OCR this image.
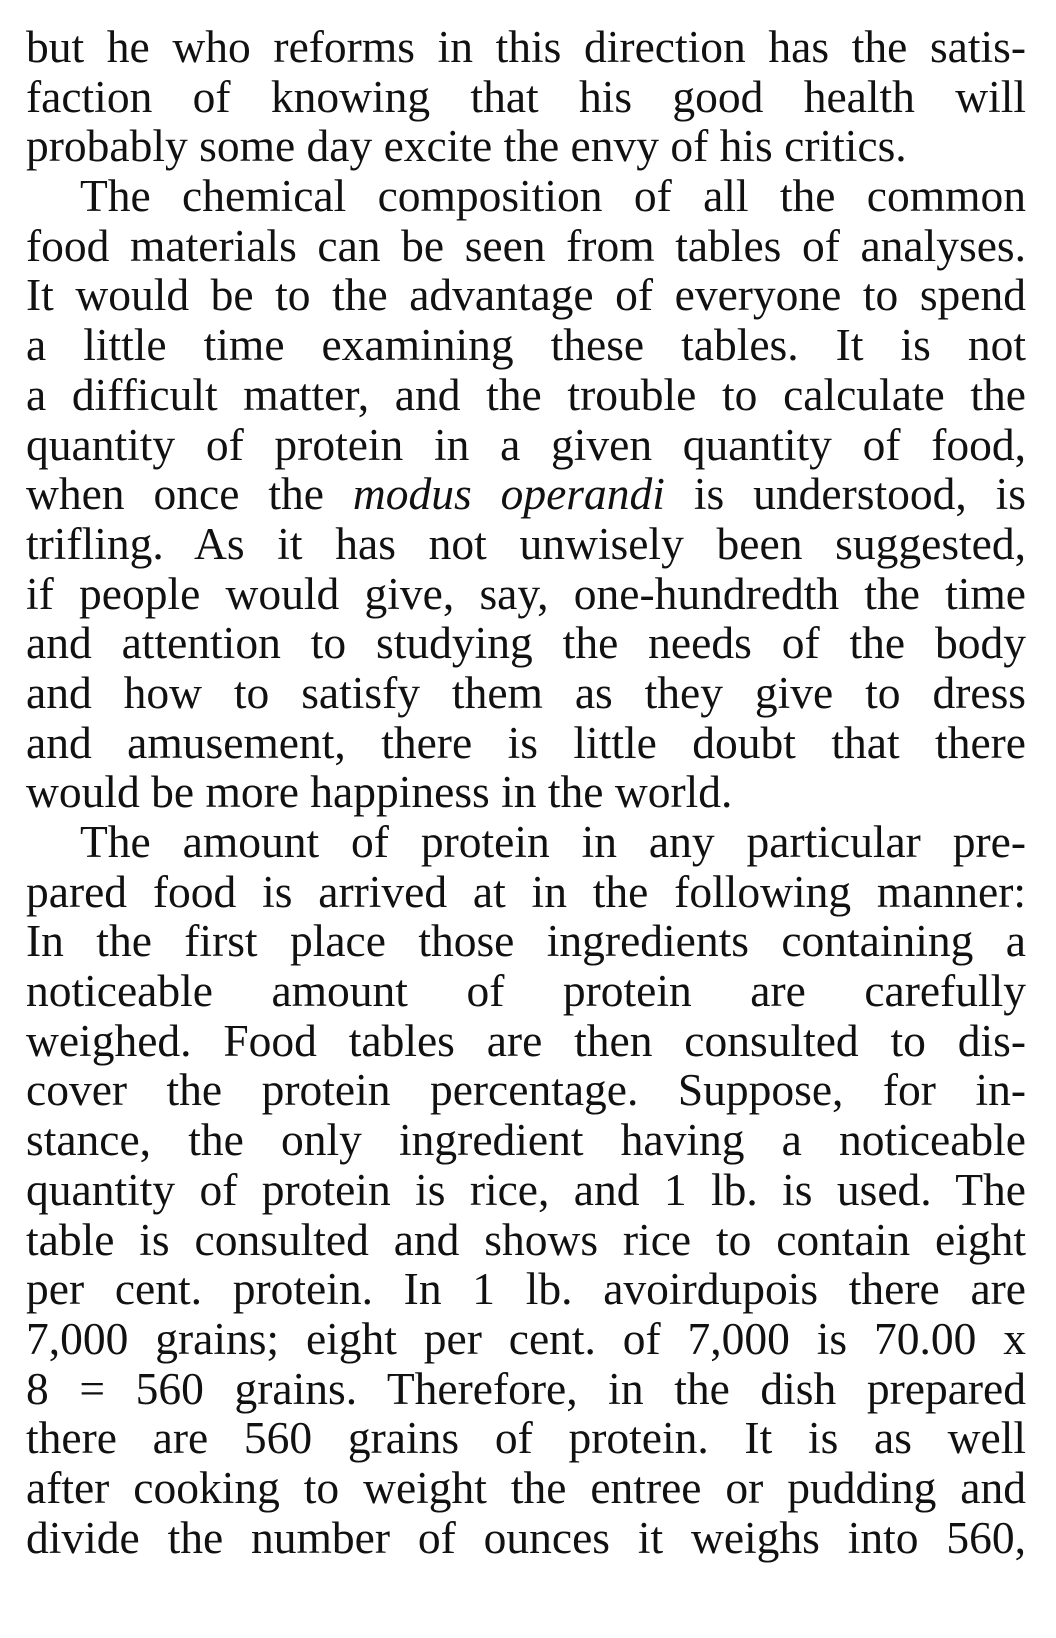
but he who reforms in this direction has the satis-
faction of knowing that his good health will
probably some day excite the envy of his critics.

The chemical composition of all the common
food materials can be seen from tables of analyses.
It would be to the advantage of everyone to spend
a little time examining these tables. It is not
a difficult matter, and the trouble to calculate the
quantity of protein in a given quantity of food,
when once the modus operandi is understood, is
trifling. As it has not unwisely been suggested,
if people would give, say, one-hundredth the time
and attention to studying the needs of the body
and how to satisfy them as they give to dress
and amusement, there is little doubt that there
would be more happiness in the world.

The amount of protein in any particular pre-
pared food is arrived at in the following manner:
In the first place those ingredients containing a
noticeable amount of protein are carefully
weighed. Food tables are then consulted to dis-
cover the protein percentage. Suppose, for in-
stance, the only ingredient having a noticeable
quantity of protein is rice, and 1 lb. is used. The
table is consulted and shows rice to contain eight
per cent. protein. In 1 lb. avoirdupois there are
7,000 grains; eight per cent. of 7,000 is 70.00 x
8 = 560 grains. Therefore, in the dish prepared
there are 560 grains of protein. It is as well
after cooking to weight the entree or pudding and
divide the number of ounces it weighs into 560,
